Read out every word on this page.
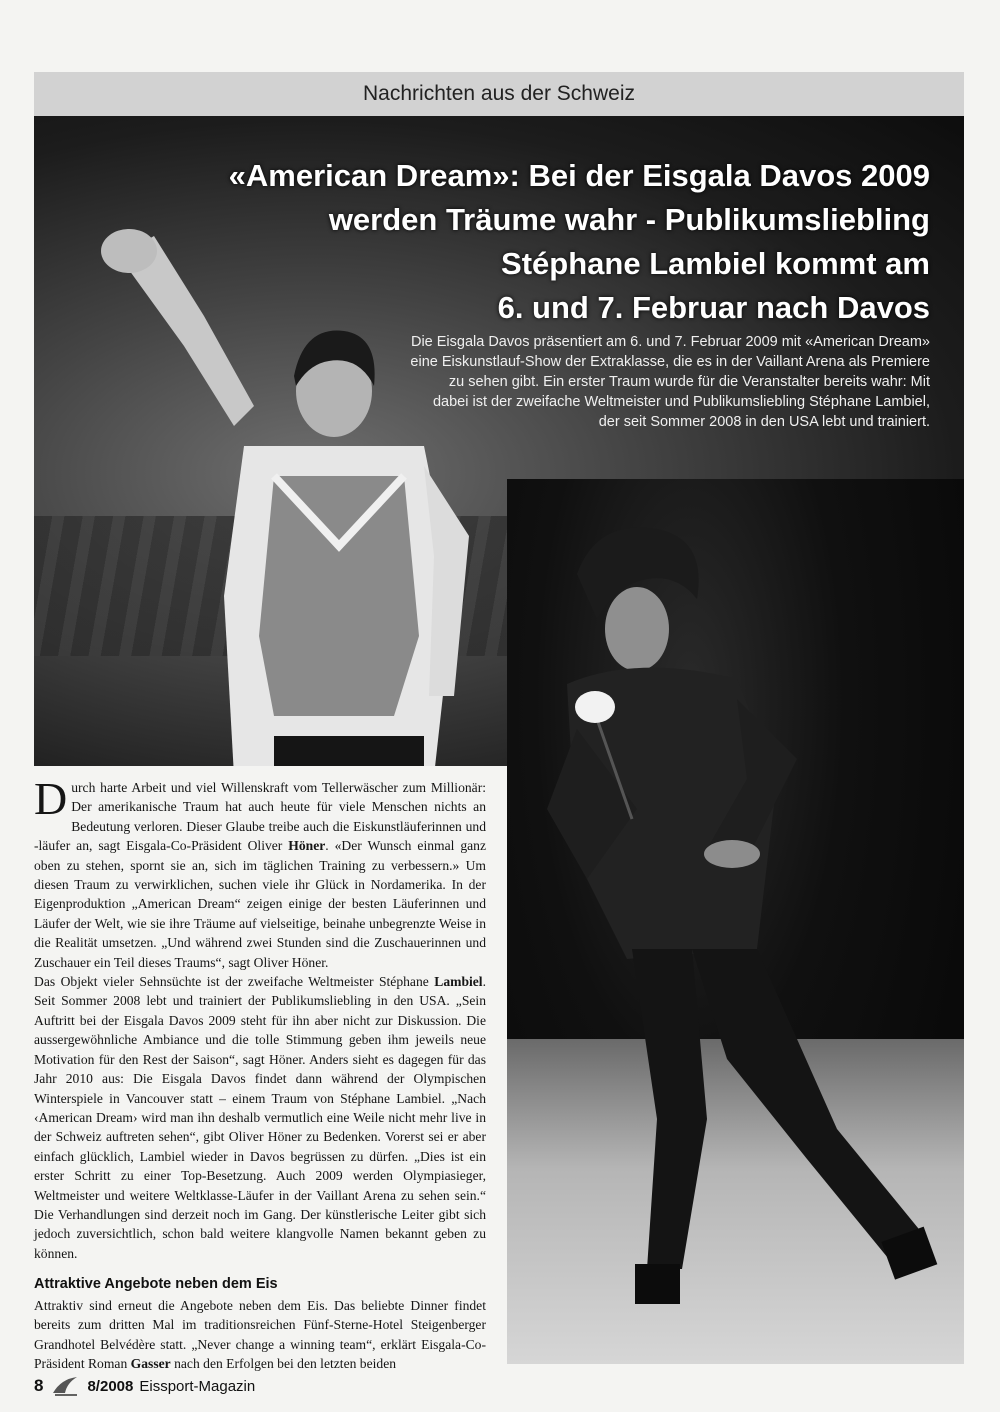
Nachrichten aus der Schweiz
«American Dream»: Bei der Eisgala Davos 2009
werden Träume wahr - Publikumsliebling
Stéphane Lambiel kommt am
6. und 7. Februar nach Davos
Die Eisgala Davos präsentiert am 6. und 7. Februar 2009 mit «American Dream» eine Eiskunstlauf-Show der Extraklasse, die es in der Vaillant Arena als Premiere zu sehen gibt. Ein erster Traum wurde für die Veranstalter bereits wahr: Mit dabei ist der zweifache Weltmeister und Publikumsliebling Stéphane Lambiel, der seit Sommer 2008 in den USA lebt und trainiert.

Durch harte Arbeit und viel Willenskraft vom Tellerwäscher zum Millionär: Der amerikanische Traum hat auch heute für viele Menschen nichts an Bedeutung verloren. Dieser Glaube treibe auch die Eiskunstläuferinnen und -läufer an, sagt Eisgala-Co-Präsident Oliver Höner. «Der Wunsch einmal ganz oben zu stehen, spornt sie an, sich im täglichen Training zu verbessern.» Um diesen Traum zu verwirklichen, suchen viele ihr Glück in Nordamerika. In der Eigenproduktion „American Dream“ zeigen einige der besten Läuferinnen und Läufer der Welt, wie sie ihre Träume auf vielseitige, beinahe unbegrenzte Weise in die Realität umsetzen. „Und während zwei Stunden sind die Zuschauerinnen und Zuschauer ein Teil dieses Traums“, sagt Oliver Höner.

Das Objekt vieler Sehnsüchte ist der zweifache Weltmeister Stéphane Lambiel. Seit Sommer 2008 lebt und trainiert der Publikumsliebling in den USA. „Sein Auftritt bei der Eisgala Davos 2009 steht für ihn aber nicht zur Diskussion. Die aussergewöhnliche Ambiance und die tolle Stimmung geben ihm jeweils neue Motivation für den Rest der Saison“, sagt Höner. Anders sieht es dagegen für das Jahr 2010 aus: Die Eisgala Davos findet dann während der Olympischen Winterspiele in Vancouver statt – einem Traum von Stéphane Lambiel. „Nach ‹American Dream› wird man ihn deshalb vermutlich eine Weile nicht mehr live in der Schweiz auftreten sehen“, gibt Oliver Höner zu Bedenken. Vorerst sei er aber einfach glücklich, Lambiel wieder in Davos begrüssen zu dürfen. „Dies ist ein erster Schritt zu einer Top-Besetzung. Auch 2009 werden Olympiasieger, Weltmeister und weitere Weltklasse-Läufer in der Vaillant Arena zu sehen sein.“ Die Verhandlungen sind derzeit noch im Gang. Der künstlerische Leiter gibt sich jedoch zuversichtlich, schon bald weitere klangvolle Namen bekannt geben zu können.

Attraktive Angebote neben dem Eis
Attraktiv sind erneut die Angebote neben dem Eis. Das beliebte Dinner findet bereits zum dritten Mal im traditionsreichen Fünf-Sterne-Hotel Steigenberger Grandhotel Belvédère statt. „Never change a winning team“, erklärt Eisgala-Co-Präsident Roman Gasser nach den Erfolgen bei den letzten beiden
8	8/2008 Eissport-Magazin
